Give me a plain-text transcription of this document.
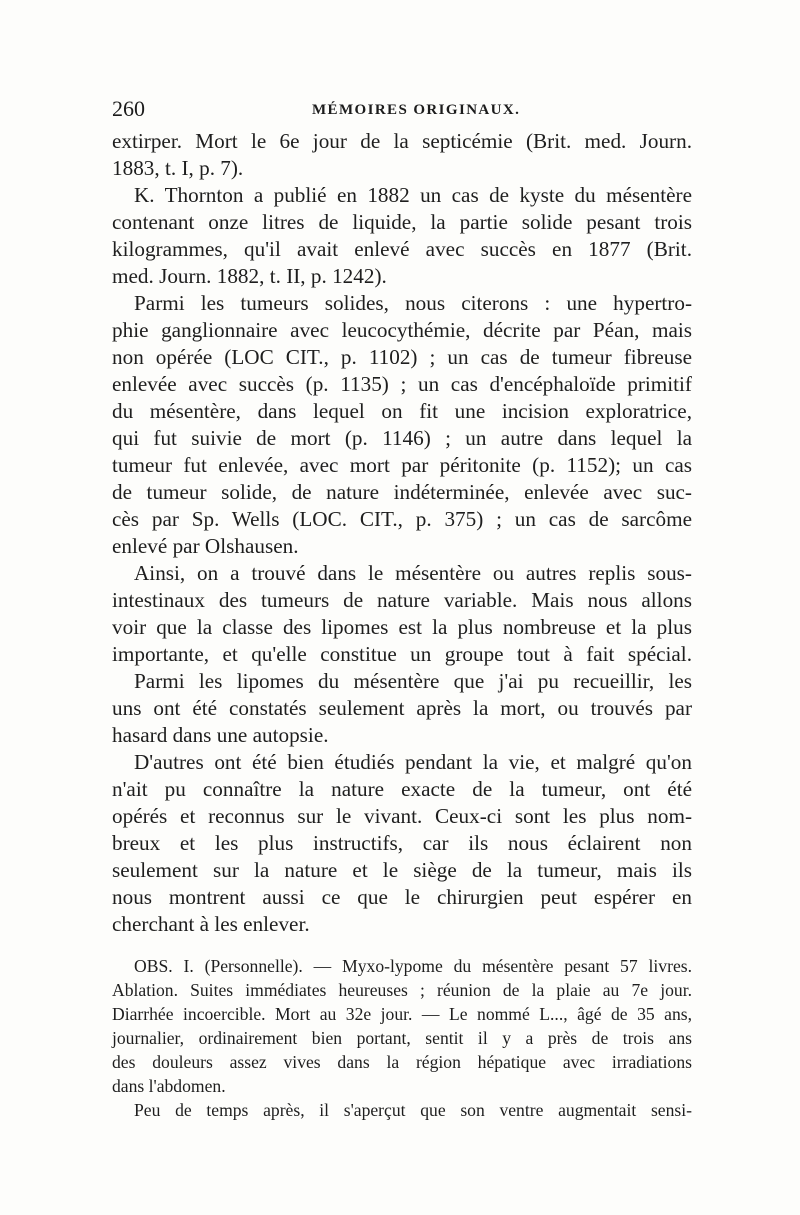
260	MÉMOIRES ORIGINAUX.
extirper. Mort le 6e jour de la septicémie (Brit. med. Journ.
1883, t. I, p. 7).
K. Thornton a publié en 1882 un cas de kyste du mésentère
contenant onze litres de liquide, la partie solide pesant trois
kilogrammes, qu'il avait enlevé avec succès en 1877 (Brit.
med. Journ. 1882, t. II, p. 1242).
Parmi les tumeurs solides, nous citerons : une hypertro-
phie ganglionnaire avec leucocythémie, décrite par Péan, mais
non opérée (LOC CIT., p. 1102) ; un cas de tumeur fibreuse
enlevée avec succès (p. 1135) ; un cas d'encéphaloïde primitif
du mésentère, dans lequel on fit une incision exploratrice,
qui fut suivie de mort (p. 1146) ; un autre dans lequel la
tumeur fut enlevée, avec mort par péritonite (p. 1152); un cas
de tumeur solide, de nature indéterminée, enlevée avec suc-
cès par Sp. Wells (LOC. CIT., p. 375) ; un cas de sarcôme
enlevé par Olshausen.
Ainsi, on a trouvé dans le mésentère ou autres replis sous-
intestinaux des tumeurs de nature variable. Mais nous allons
voir que la classe des lipomes est la plus nombreuse et la plus
importante, et qu'elle constitue un groupe tout à fait spécial.
Parmi les lipomes du mésentère que j'ai pu recueillir, les
uns ont été constatés seulement après la mort, ou trouvés par
hasard dans une autopsie.
D'autres ont été bien étudiés pendant la vie, et malgré qu'on
n'ait pu connaître la nature exacte de la tumeur, ont été
opérés et reconnus sur le vivant. Ceux-ci sont les plus nom-
breux et les plus instructifs, car ils nous éclairent non
seulement sur la nature et le siège de la tumeur, mais ils
nous montrent aussi ce que le chirurgien peut espérer en
cherchant à les enlever.
OBS. I. (Personnelle). — Myxo-lypome du mésentère pesant 57 livres.
Ablation. Suites immédiates heureuses ; réunion de la plaie au 7e jour.
Diarrhée incoercible. Mort au 32e jour. — Le nommé L..., âgé de 35 ans,
journalier, ordinairement bien portant, sentit il y a près de trois ans
des douleurs assez vives dans la région hépatique avec irradiations
dans l'abdomen.
Peu de temps après, il s'aperçut que son ventre augmentait sensi-
